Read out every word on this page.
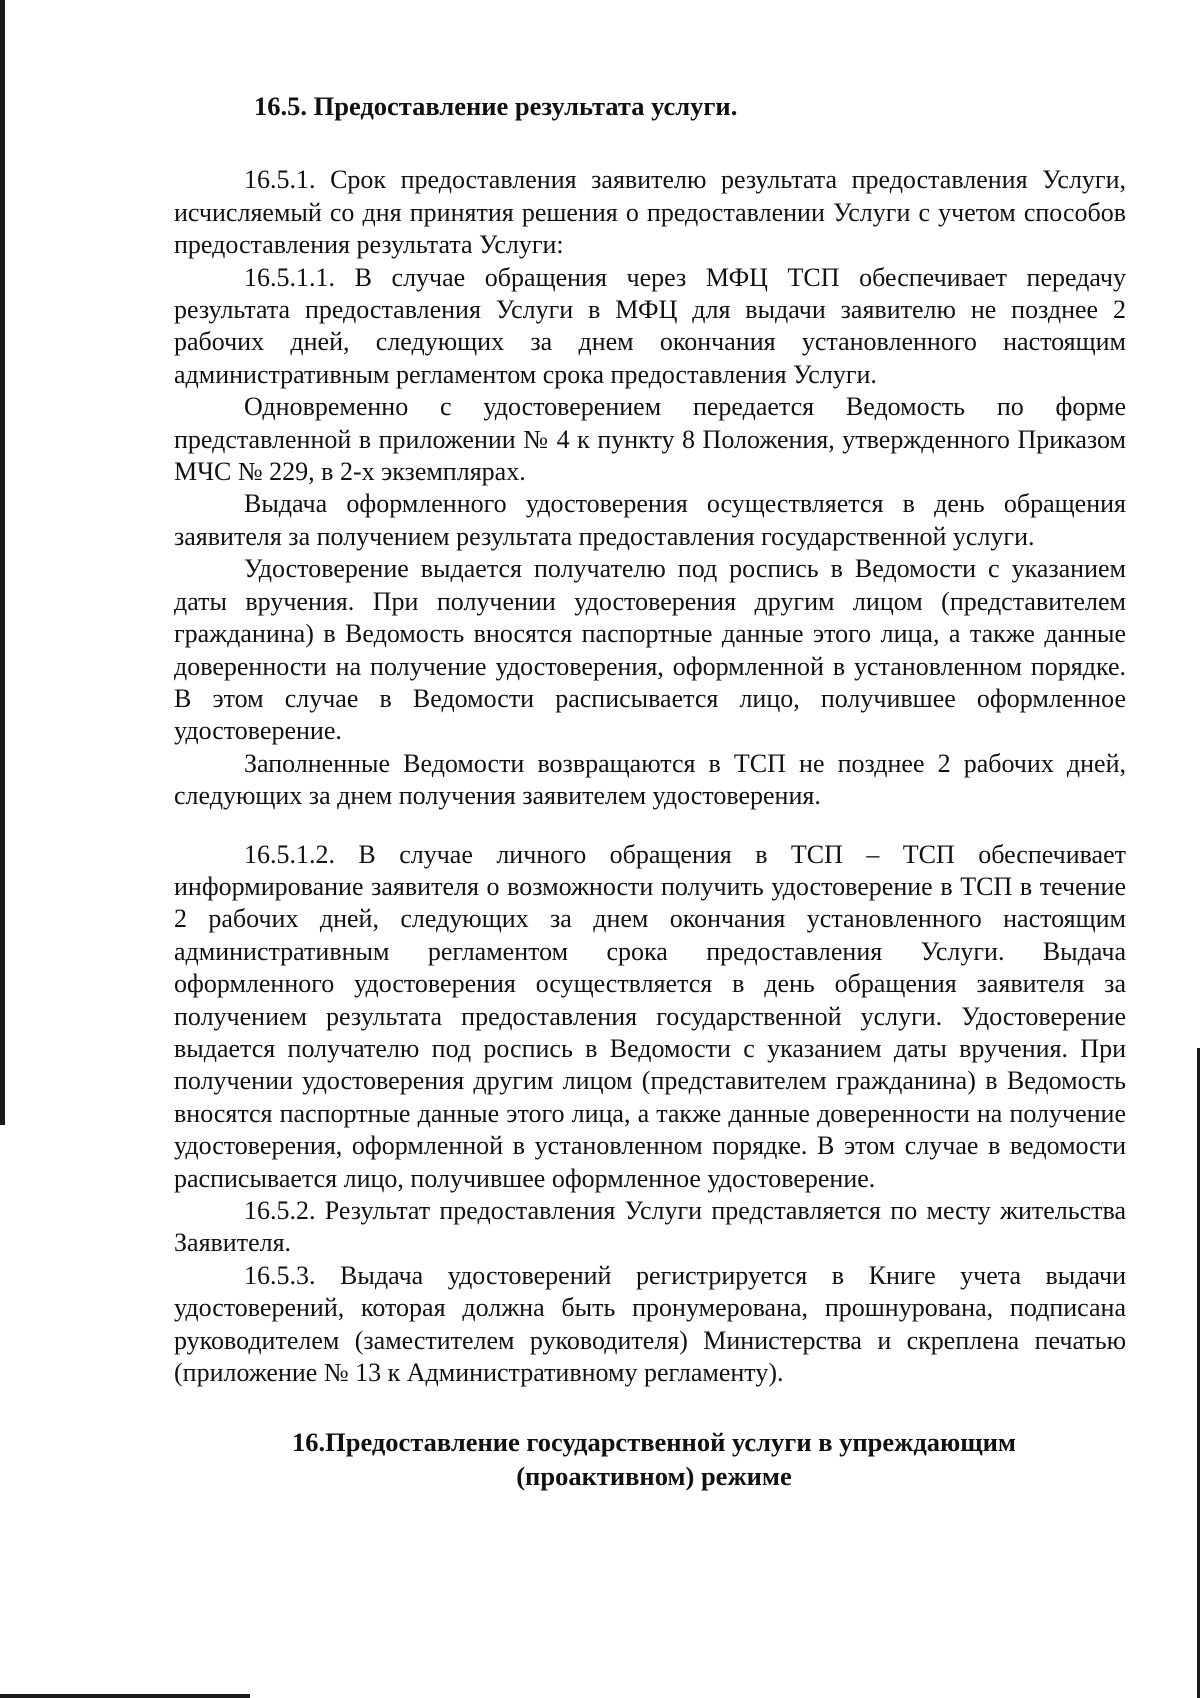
16.5. Предоставление результата услуги.

16.5.1. Срок предоставления заявителю результата предоставления Услуги, исчисляемый со дня принятия решения о предоставлении Услуги с учетом способов предоставления результата Услуги:

16.5.1.1. В случае обращения через МФЦ ТСП обеспечивает передачу результата предоставления Услуги в МФЦ для выдачи заявителю не позднее 2 рабочих дней, следующих за днем окончания установленного настоящим административным регламентом срока предоставления Услуги.

Одновременно с удостоверением передается Ведомость по форме представленной в приложении № 4 к пункту 8 Положения, утвержденного Приказом МЧС № 229, в 2-х экземплярах.

Выдача оформленного удостоверения осуществляется в день обращения заявителя за получением результата предоставления государственной услуги.

Удостоверение выдается получателю под роспись в Ведомости с указанием даты вручения. При получении удостоверения другим лицом (представителем гражданина) в Ведомость вносятся паспортные данные этого лица, а также данные доверенности на получение удостоверения, оформленной в установленном порядке. В этом случае в Ведомости расписывается лицо, получившее оформленное удостоверение.

Заполненные Ведомости возвращаются в ТСП не позднее 2 рабочих дней, следующих за днем получения заявителем удостоверения.

16.5.1.2. В случае личного обращения в ТСП – ТСП обеспечивает информирование заявителя о возможности получить удостоверение в ТСП в течение 2 рабочих дней, следующих за днем окончания установленного настоящим административным регламентом срока предоставления Услуги. Выдача оформленного удостоверения осуществляется в день обращения заявителя за получением результата предоставления государственной услуги. Удостоверение выдается получателю под роспись в Ведомости с указанием даты вручения. При получении удостоверения другим лицом (представителем гражданина) в Ведомость вносятся паспортные данные этого лица, а также данные доверенности на получение удостоверения, оформленной в установленном порядке. В этом случае в ведомости расписывается лицо, получившее оформленное удостоверение.

16.5.2. Результат предоставления Услуги представляется по месту жительства Заявителя.

16.5.3. Выдача удостоверений регистрируется в Книге учета выдачи удостоверений, которая должна быть пронумерована, прошнурована, подписана руководителем (заместителем руководителя) Министерства и скреплена печатью (приложение № 13 к Административному регламенту).

16.Предоставление государственной услуги в упреждающим
(проактивном) режиме
